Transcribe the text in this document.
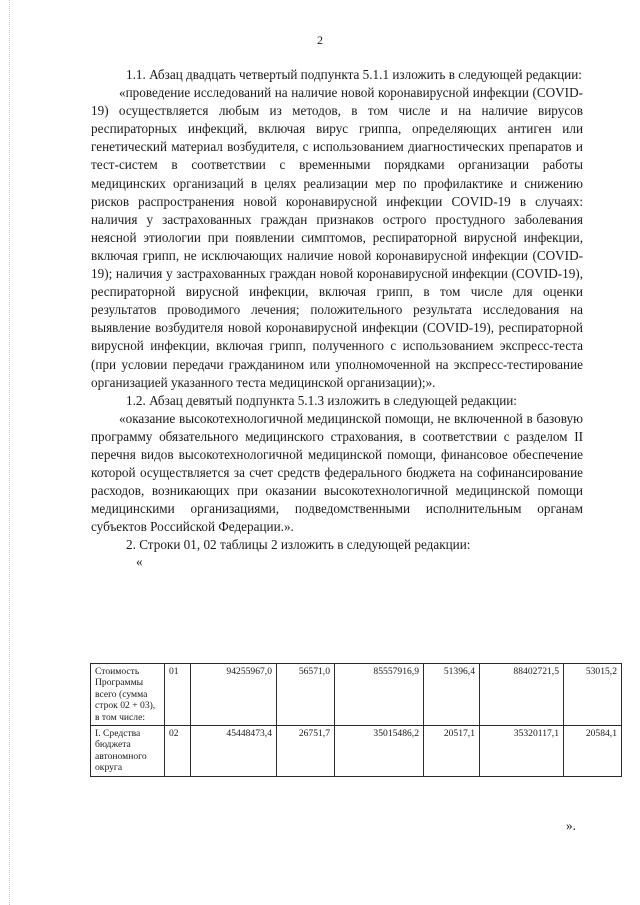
2

1.1. Абзац двадцать четвертый подпункта 5.1.1 изложить в следующей редакции:

«проведение исследований на наличие новой коронавирусной инфекции (COVID-19) осуществляется любым из методов, в том числе и на наличие вирусов респираторных инфекций, включая вирус гриппа, определяющих антиген или генетический материал возбудителя, с использованием диагностических препаратов и тест-систем в соответствии с временными порядками организации работы медицинских организаций в целях реализации мер по профилактике и снижению рисков распространения новой коронавирусной инфекции COVID-19 в случаях: наличия у застрахованных граждан признаков острого простудного заболевания неясной этиологии при появлении симптомов, респираторной вирусной инфекции, включая грипп, не исключающих наличие новой коронавирусной инфекции (COVID-19); наличия у застрахованных граждан новой коронавирусной инфекции (COVID-19), респираторной вирусной инфекции, включая грипп, в том числе для оценки результатов проводимого лечения; положительного результата исследования на выявление возбудителя новой коронавирусной инфекции (COVID-19), респираторной вирусной инфекции, включая грипп, полученного с использованием экспресс-теста (при условии передачи гражданином или уполномоченной на экспресс-тестирование организацией указанного теста медицинской организации);».

1.2. Абзац девятый подпункта 5.1.3 изложить в следующей редакции:

«оказание высокотехнологичной медицинской помощи, не включенной в базовую программу обязательного медицинского страхования, в соответствии с разделом II перечня видов высокотехнологичной медицинской помощи, финансовое обеспечение которой осуществляется за счет средств федерального бюджета на софинансирование расходов, возникающих при оказании высокотехнологичной медицинской помощи медицинскими организациями, подведомственными исполнительным органам субъектов Российской Федерации.».

2. Строки 01, 02 таблицы 2 изложить в следующей редакции:

«

Стоимость Программы всего (сумма строк 02 + 03), в том числе:	01	94255967,0	56571,0	85557916,9	51396,4	88402721,5	53015,2
I. Средства бюджета автономного округа	02	45448473,4	26751,7	35015486,2	20517,1	35320117,1	20584,1
».
